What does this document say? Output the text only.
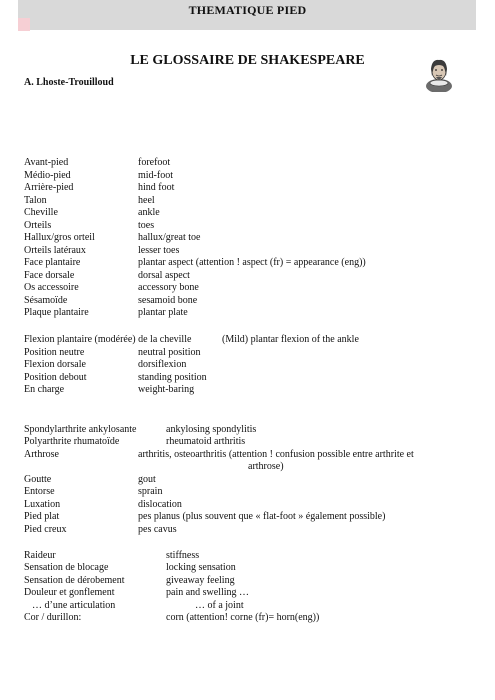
THEMATIQUE PIED
LE GLOSSAIRE DE SHAKESPEARE
A. Lhoste-Trouilloud
Avant-pied	forefoot
Médio-pied	mid-foot
Arrière-pied	hind foot
Talon	heel
Cheville	ankle
Orteils	toes
Hallux/gros orteil	hallux/great toe
Orteils latéraux	lesser toes
Face plantaire	plantar aspect (attention ! aspect (fr) = appearance (eng))
Face dorsale	dorsal aspect
Os accessoire	accessory bone
Sésamoïde	sesamoid bone
Plaque plantaire	plantar plate
Flexion plantaire (modérée) de la cheville	(Mild) plantar flexion of the ankle
Position neutre	neutral position
Flexion dorsale	dorsiflexion
Position debout	standing position
En charge	weight-baring
Spondylarthrite ankylosante	ankylosing spondylitis
Polyarthrite rhumatoïde	rheumatoid arthritis
Arthrose	arthritis, osteoarthritis (attention ! confusion possible entre arthrite et
arthrose)
Goutte	gout
Entorse	sprain
Luxation	dislocation
Pied plat	pes planus (plus souvent que « flat-foot » également possible)
Pied creux	pes cavus
Raideur	stiffness
Sensation de blocage	locking sensation
Sensation de dérobement	giveaway feeling
Douleur et gonflement	pain and swelling …
… d’une articulation	… of a joint
Cor / durillon:	corn (attention! corne (fr)= horn(eng))
